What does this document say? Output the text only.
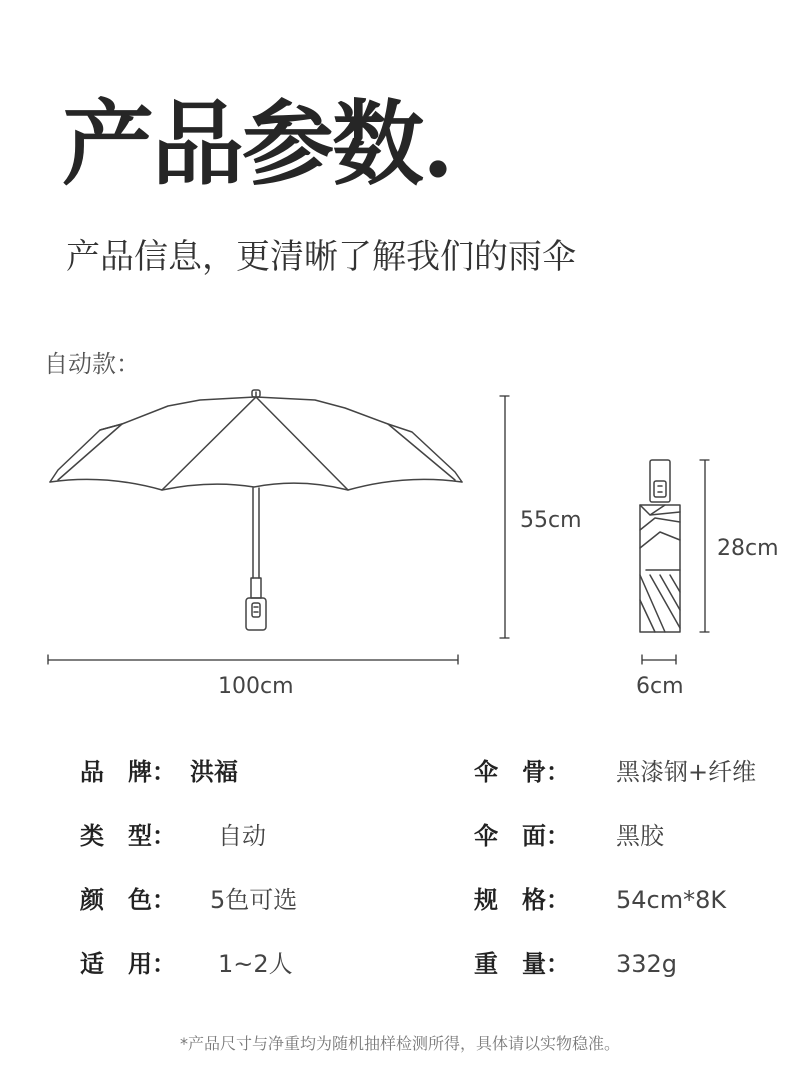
产品参数.
产品信息，更清晰了解我们的雨伞
自动款：
55cm
100cm
28cm
6cm
品　牌： 洪福	伞　骨： 黑漆钢+纤维
类　型： 自动	伞　面： 黑胶
颜　色： 5色可选	规　格： 54cm*8K
适　用： 1~2人	重　量： 332g
*产品尺寸与净重均为随机抽样检测所得，具体请以实物稳准。
